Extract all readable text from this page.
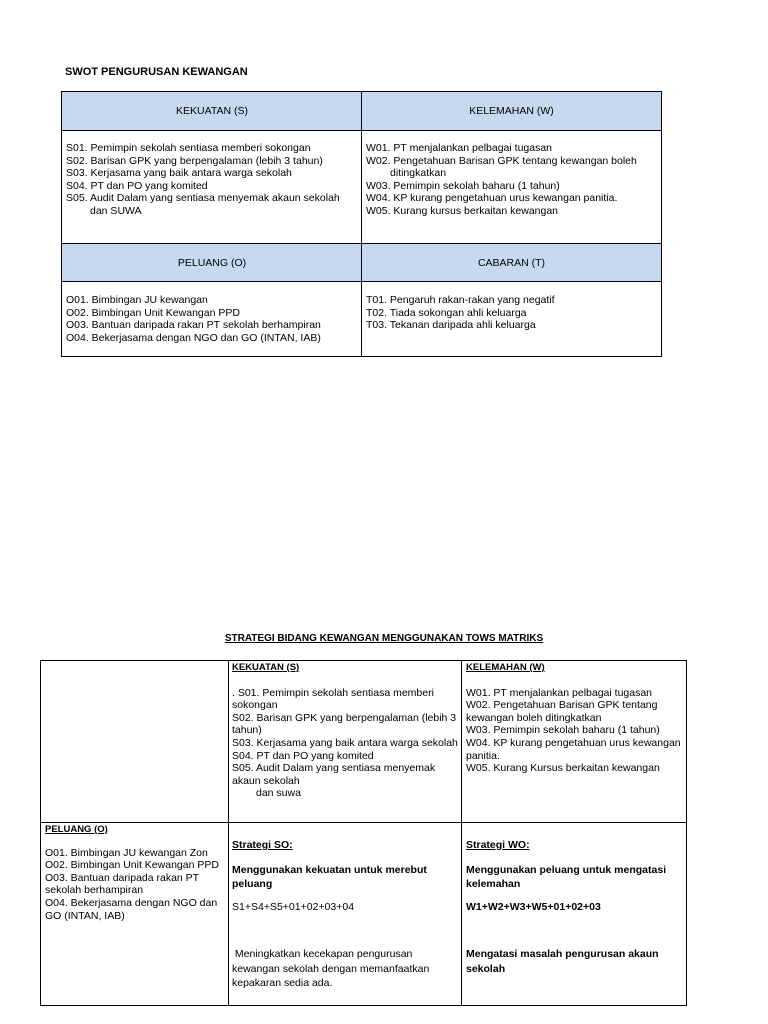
SWOT PENGURUSAN KEWANGAN
KEKUATAN (S)	KELEMAHAN (W)
S01. Pemimpin sekolah sentiasa memberi sokongan
S02. Barisan GPK yang berpengalaman (lebih 3 tahun)
S03. Kerjasama yang baik antara warga sekolah
S04. PT dan PO yang komited
S05. Audit Dalam yang sentiasa menyemak akaun sekolah dan SUWA
W01. PT menjalankan pelbagai tugasan
W02. Pengetahuan Barisan GPK tentang kewangan boleh ditingkatkan
W03. Pemimpin sekolah baharu (1 tahun)
W04. KP kurang pengetahuan urus kewangan panitia.
W05. Kurang kursus berkaitan kewangan
PELUANG (O)	CABARAN (T)
O01. Bimbingan JU kewangan
O02. Bimbingan Unit Kewangan PPD
O03. Bantuan daripada rakan PT sekolah berhampiran
O04. Bekerjasama dengan NGO dan GO (INTAN, IAB)
T01. Pengaruh rakan-rakan yang negatif
T02. Tiada sokongan ahli keluarga
T03. Tekanan daripada ahli keluarga
STRATEGI BIDANG KEWANGAN MENGGUNAKAN TOWS MATRIKS
KEKUATAN (S)
. S01. Pemimpin sekolah sentiasa memberi sokongan
S02. Barisan GPK yang berpengalaman (lebih 3 tahun)
S03. Kerjasama yang baik antara warga sekolah
S04. PT dan PO yang komited
S05. Audit Dalam yang sentiasa menyemak akaun sekolah
dan suwa
KELEMAHAN (W)
W01. PT menjalankan pelbagai tugasan
W02. Pengetahuan Barisan GPK tentang kewangan boleh ditingkatkan
W03. Pemimpin sekolah baharu (1 tahun)
W04. KP kurang pengetahuan urus kewangan panitia.
W05. Kurang Kursus berkaitan kewangan
PELUANG (O)
O01. Bimbingan JU kewangan Zon
O02. Bimbingan Unit Kewangan PPD
O03. Bantuan daripada rakan PT sekolah berhampiran
O04. Bekerjasama dengan NGO dan GO (INTAN, IAB)
Strategi SO:
Menggunakan kekuatan untuk merebut peluang
S1+S4+S5+01+02+03+04
Meningkatkan kecekapan pengurusan kewangan sekolah dengan memanfaatkan kepakaran sedia ada.
Strategi WO:
Menggunakan peluang untuk mengatasi kelemahan
W1+W2+W3+W5+01+02+03
Mengatasi masalah pengurusan akaun sekolah
